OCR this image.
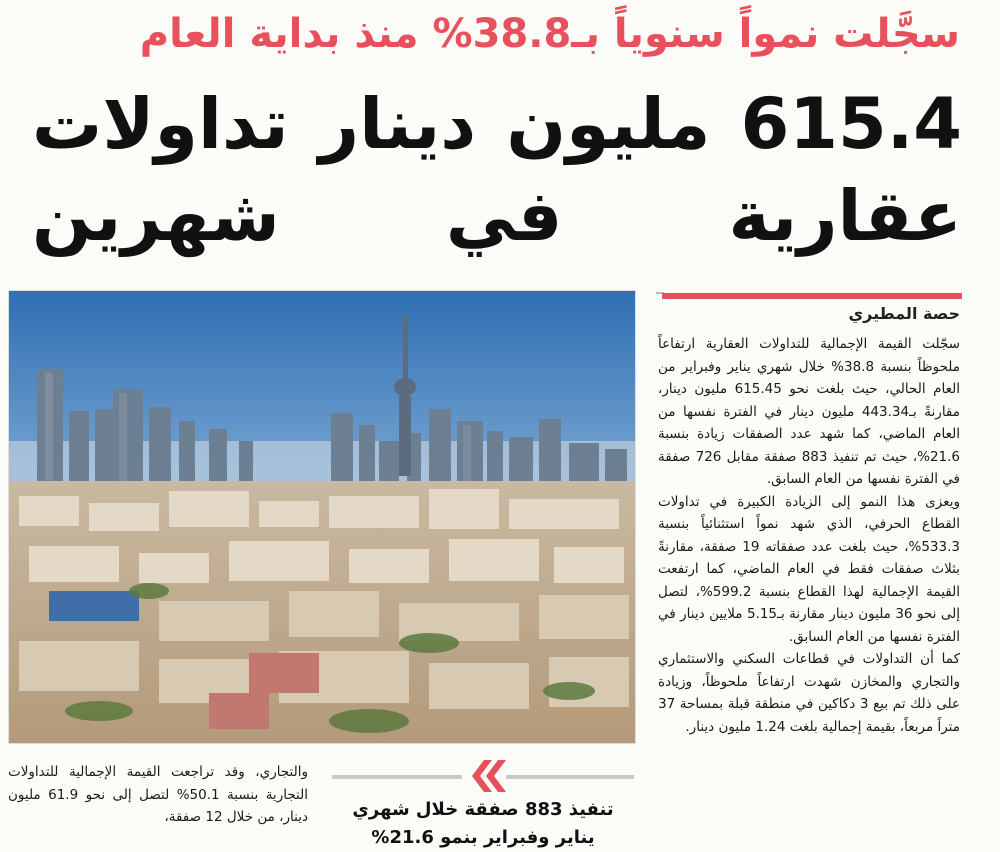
سجَّلت نمواً سنوياً بـ38.8% منذ بداية العام
615.4 مليون دينار تداولات
عقارية في شهرين
حصة المطيري

سجّلت القيمة الإجمالية للتداولات العقارية ارتفاعاً ملحوظاً بنسبة 38.8% خلال شهري يناير وفبراير من العام الحالي، حيث بلغت نحو 615.45 مليون دينار، مقارنةً بـ443.34 مليون دينار في الفترة نفسها من العام الماضي، كما شهد عدد الصفقات زيادة بنسبة 21.6%، حيث تم تنفيذ 883 صفقة مقابل 726 صفقة في الفترة نفسها من العام السابق.

ويعزى هذا النمو إلى الزيادة الكبيرة في تداولات القطاع الحرفي، الذي شهد نمواً استثنائياً بنسبة 533.3%، حيث بلغت عدد صفقاته 19 صفقة، مقارنةً بثلاث صفقات فقط في العام الماضي، كما ارتفعت القيمة الإجمالية لهذا القطاع بنسبة 599.2%، لتصل إلى نحو 36 مليون دينار مقارنة بـ5.15 ملايين دينار في الفترة نفسها من العام السابق.

كما أن التداولات في قطاعات السكني والاستثماري والتجاري والمخازن شهدت ارتفاعاً ملحوظاً، وزيادة على ذلك تم بيع 3 دكاكين في منطقة قبلة بمساحة 37 متراً مربعاً، بقيمة إجمالية بلغت 1.24 مليون دينار.

والتجاري، وقد تراجعت القيمة الإجمالية للتداولات التجارية بنسبة 50.1% لتصل إلى نحو 61.9 مليون دينار، من خلال 12 صفقة،	تنفيذ 883 صفقة خلال شهري يناير وفبراير بنمو 21.6%
